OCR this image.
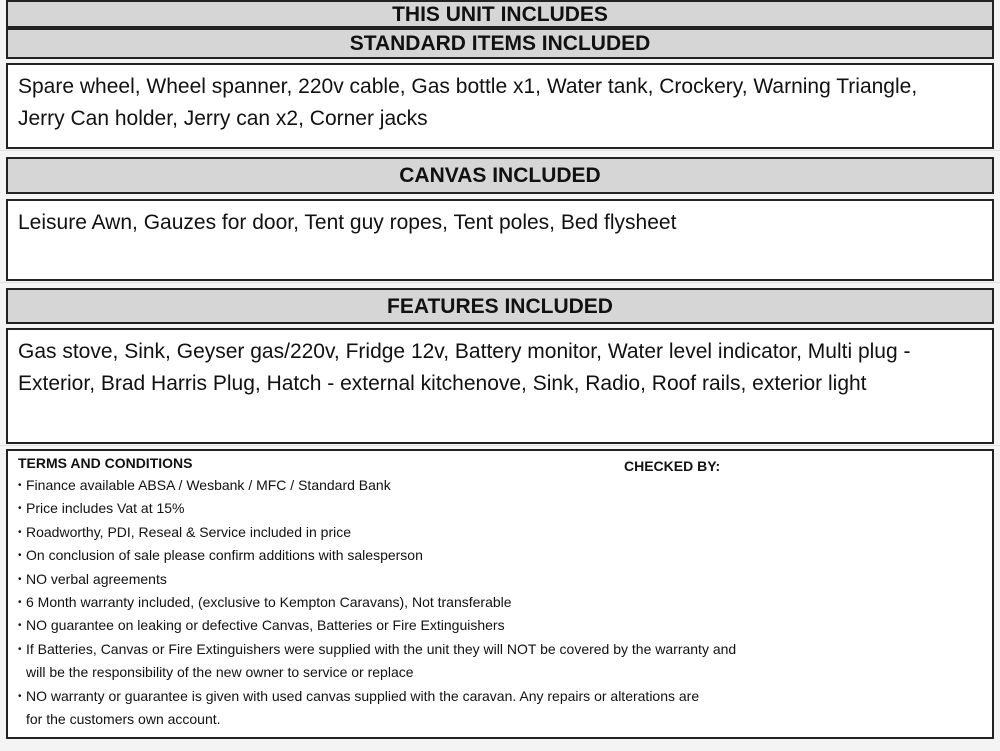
THIS UNIT INCLUDES
STANDARD ITEMS INCLUDED
Spare wheel, Wheel spanner, 220v cable, Gas bottle x1, Water tank, Crockery, Warning Triangle,
Jerry Can holder, Jerry can x2, Corner jacks
CANVAS INCLUDED
Leisure Awn, Gauzes for door, Tent guy ropes, Tent poles, Bed flysheet
FEATURES INCLUDED
Gas stove, Sink, Geyser gas/220v, Fridge 12v, Battery monitor, Water level indicator, Multi plug -
Exterior, Brad Harris Plug, Hatch - external kitchenove, Sink, Radio, Roof rails, exterior light
TERMS AND CONDITIONS	CHECKED BY:
• Finance available ABSA / Wesbank / MFC / Standard Bank
• Price includes Vat at 15%
• Roadworthy, PDI, Reseal & Service included in price
• On conclusion of sale please confirm additions with salesperson
• NO verbal agreements
• 6 Month warranty included, (exclusive to Kempton Caravans), Not transferable
• NO guarantee on leaking or defective Canvas, Batteries or Fire Extinguishers
• If Batteries, Canvas or Fire Extinguishers were supplied with the unit they will NOT be covered by the warranty and will be the responsibility of the new owner to service or replace
• NO warranty or guarantee is given with used canvas supplied with the caravan. Any repairs or alterations are for the customers own account.
